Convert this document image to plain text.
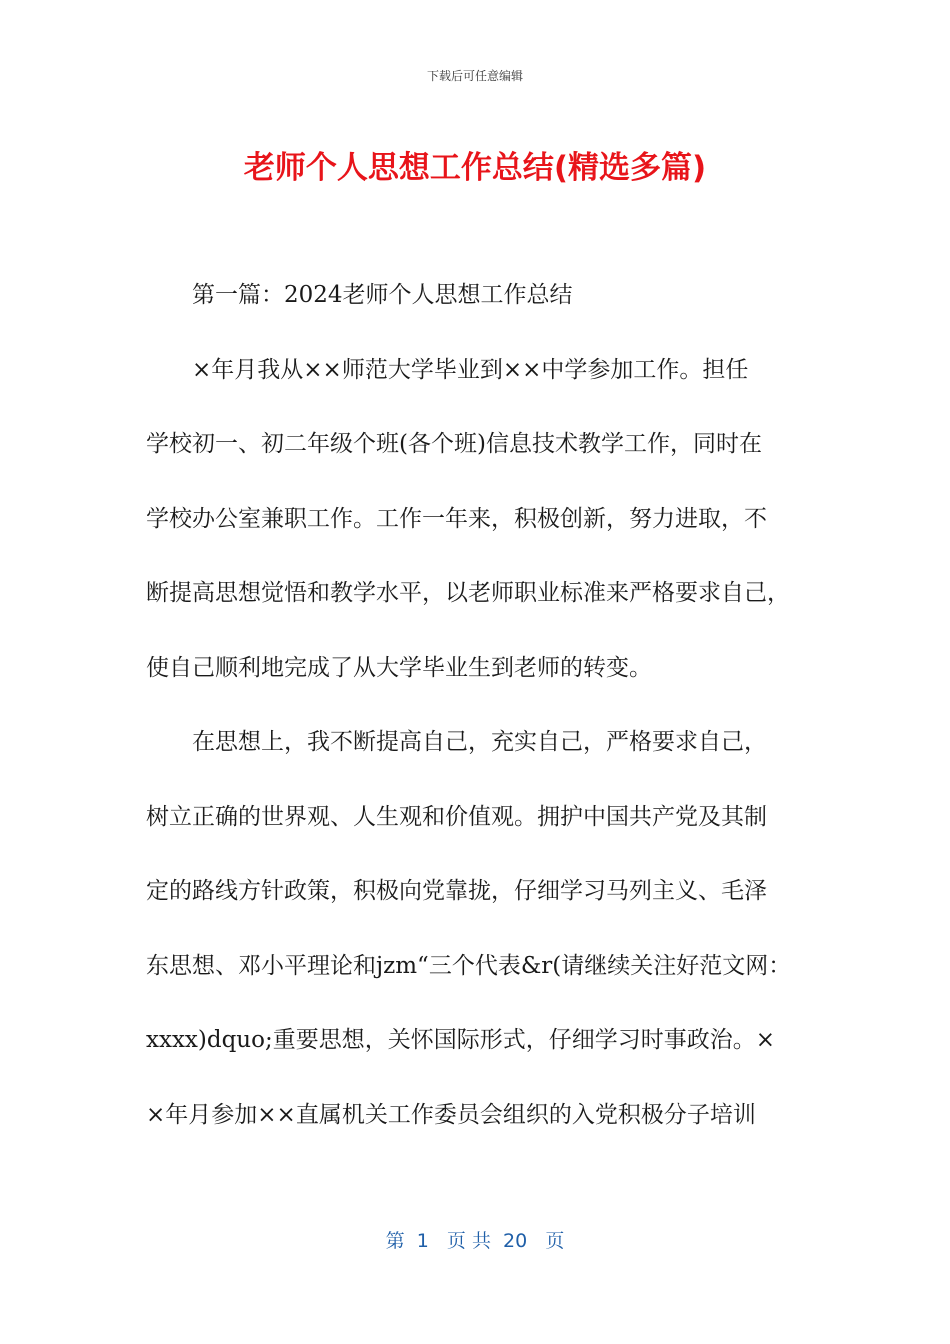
下载后可任意编辑
老师个人思想工作总结(精选多篇)
　　第一篇：2024老师个人思想工作总结
　　×年月我从××师范大学毕业到××中学参加工作。担任
学校初一、初二年级个班(各个班)信息技术教学工作，同时在
学校办公室兼职工作。工作一年来，积极创新，努力进取，不
断提高思想觉悟和教学水平，以老师职业标准来严格要求自己，
使自己顺利地完成了从大学毕业生到老师的转变。
　　在思想上，我不断提高自己，充实自己，严格要求自己，
树立正确的世界观、人生观和价值观。拥护中国共产党及其制
定的路线方针政策，积极向党靠拢，仔细学习马列主义、毛泽
东思想、邓小平理论和jzm“三个代表&r(请继续关注好范文网：
xxxx)dquo;重要思想，关怀国际形式，仔细学习时事政治。×
×年月参加××直属机关工作委员会组织的入党积极分子培训
第  1   页 共  20   页
